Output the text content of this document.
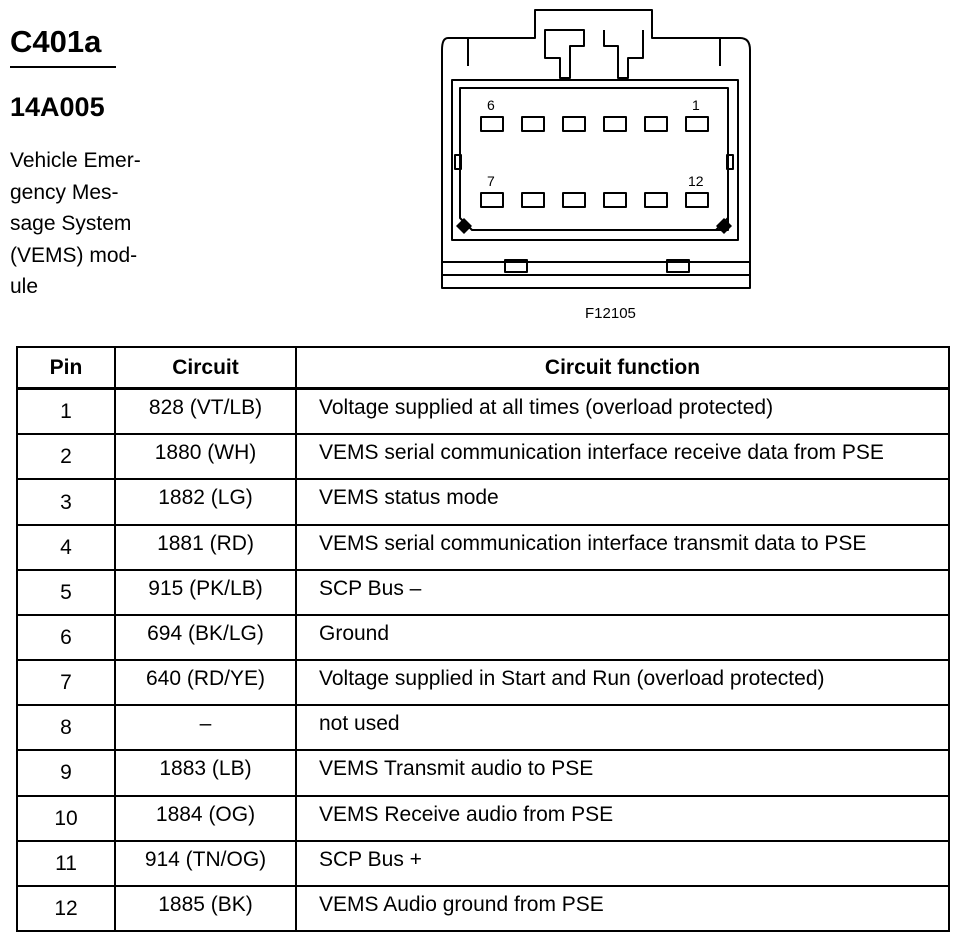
C401a
14A005

Vehicle Emer-
gency Mes-
sage System
(VEMS) mod-
ule

6	1
7	12
F12105
Pin	Circuit	Circuit function
1	828 (VT/LB)	Voltage supplied at all times (overload protected)
2	1880 (WH)	VEMS serial communication interface receive data from PSE
3	1882 (LG)	VEMS status mode
4	1881 (RD)	VEMS serial communication interface transmit data to PSE
5	915 (PK/LB)	SCP Bus –
6	694 (BK/LG)	Ground
7	640 (RD/YE)	Voltage supplied in Start and Run (overload protected)
8	–	not used
9	1883 (LB)	VEMS Transmit audio to PSE
10	1884 (OG)	VEMS Receive audio from PSE
11	914 (TN/OG)	SCP Bus +
12	1885 (BK)	VEMS Audio ground from PSE
